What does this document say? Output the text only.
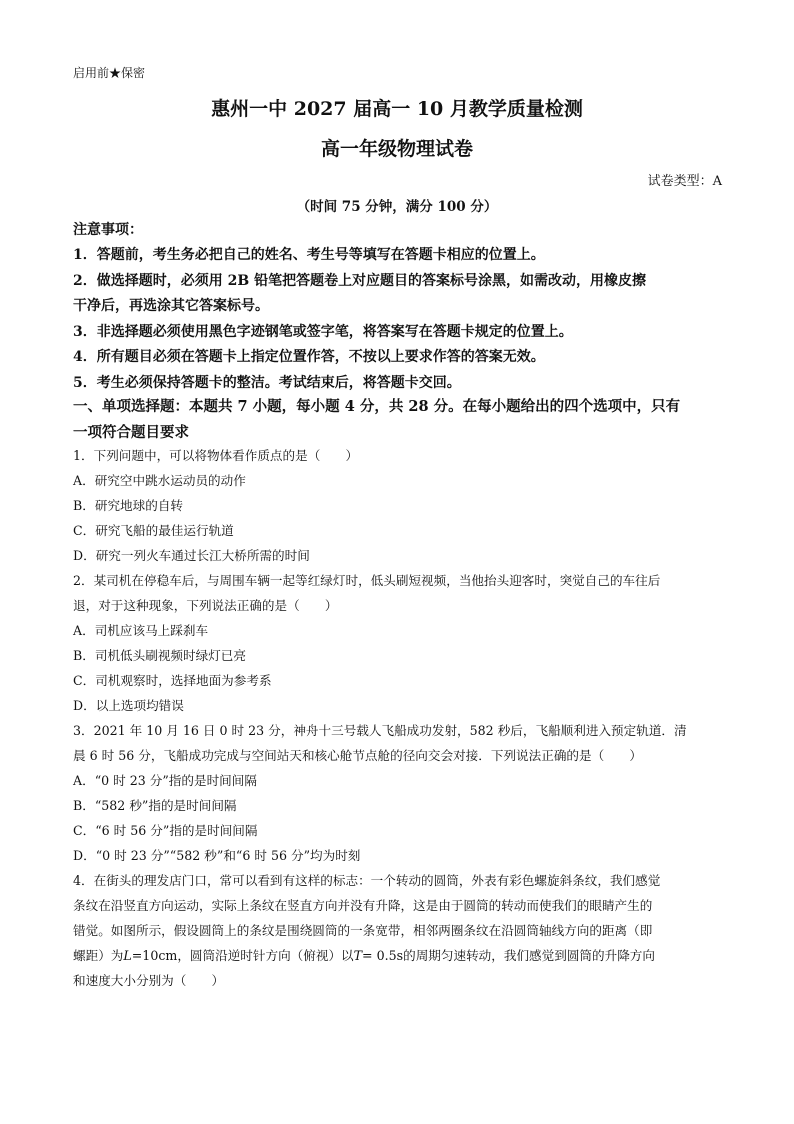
启用前★保密
惠州一中 2027 届高一 10 月教学质量检测
高一年级物理试卷
试卷类型：A
（时间 75 分钟，满分 100 分）
注意事项：
1．答题前，考生务必把自己的姓名、考生号等填写在答题卡相应的位置上。
2．做选择题时，必须用 2B 铅笔把答题卷上对应题目的答案标号涂黑，如需改动，用橡皮擦
干净后，再选涂其它答案标号。
3．非选择题必须使用黑色字迹钢笔或签字笔，将答案写在答题卡规定的位置上。
4．所有题目必须在答题卡上指定位置作答，不按以上要求作答的答案无效。
5．考生必须保持答题卡的整洁。考试结束后，将答题卡交回。
一、单项选择题：本题共 7 小题，每小题 4 分，共 28 分。在每小题给出的四个选项中，只有
一项符合题目要求
1．下列问题中，可以将物体看作质点的是（　　）
A．研究空中跳水运动员的动作
B．研究地球的自转
C．研究飞船的最佳运行轨道
D．研究一列火车通过长江大桥所需的时间
2．某司机在停稳车后，与周围车辆一起等红绿灯时，低头刷短视频，当他抬头迎客时，突觉自己的车往后
退，对于这种现象，下列说法正确的是（　　）
A．司机应该马上踩刹车
B．司机低头刷视频时绿灯已亮
C．司机观察时，选择地面为参考系
D．以上选项均错误
3．2021 年 10 月 16 日 0 时 23 分，神舟十三号载人飞船成功发射，582 秒后，飞船顺利进入预定轨道．清
晨 6 时 56 分，飞船成功完成与空间站天和核心舱节点舱的径向交会对接．下列说法正确的是（　　）
A．“0 时 23 分”指的是时间间隔
B．“582 秒”指的是时间间隔
C．“6 时 56 分”指的是时间间隔
D．“0 时 23 分”“582 秒”和“6 时 56 分”均为时刻
4．在街头的理发店门口，常可以看到有这样的标志：一个转动的圆筒，外表有彩色螺旋斜条纹，我们感觉
条纹在沿竖直方向运动，实际上条纹在竖直方向并没有升降，这是由于圆筒的转动而使我们的眼睛产生的
错觉。如图所示，假设圆筒上的条纹是围绕圆筒的一条宽带，相邻两圈条纹在沿圆筒轴线方向的距离（即
螺距）为L=10cm，圆筒沿逆时针方向（俯视）以T= 0.5s的周期匀速转动，我们感觉到圆筒的升降方向
和速度大小分别为（　　）
